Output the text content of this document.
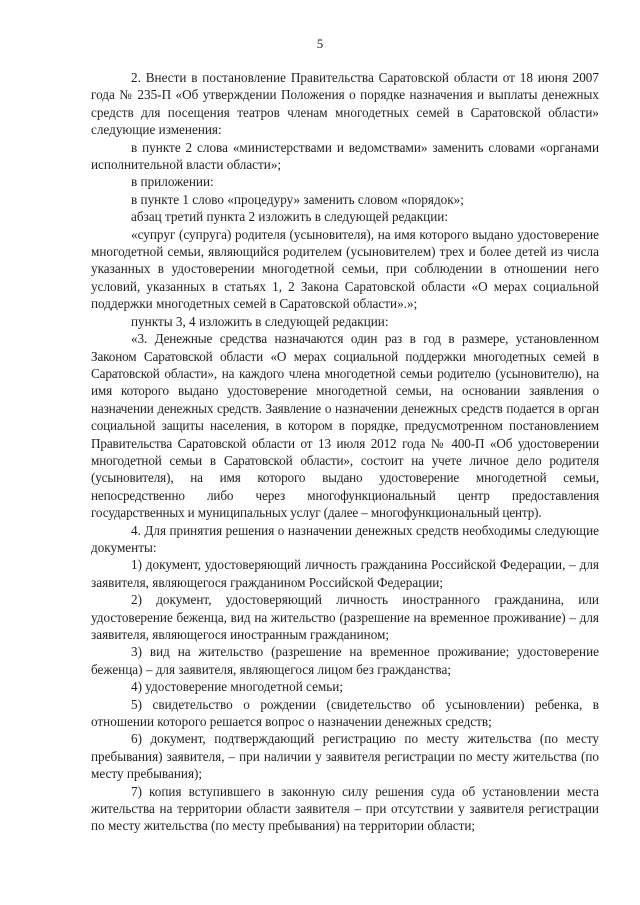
5

2. Внести в постановление Правительства Саратовской области от 18 июня 2007 года № 235-П «Об утверждении Положения о порядке назначения и выплаты денежных средств для посещения театров членам многодетных семей в Саратовской области» следующие изменения:

в пункте 2 слова «министерствами и ведомствами» заменить словами «органами исполнительной власти области»;

в приложении:

в пункте 1 слово «процедуру» заменить словом «порядок»;

абзац третий пункта 2 изложить в следующей редакции:

«супруг (супруга) родителя (усыновителя), на имя которого выдано удостоверение многодетной семьи, являющийся родителем (усыновителем) трех и более детей из числа указанных в удостоверении многодетной семьи, при соблюдении в отношении него условий, указанных в статьях 1, 2 Закона Саратовской области «О мерах социальной поддержки многодетных семей в Саратовской области».»;

пункты 3, 4 изложить в следующей редакции:

«3. Денежные средства назначаются один раз в год в размере, установленном Законом Саратовской области «О мерах социальной поддержки многодетных семей в Саратовской области», на каждого члена многодетной семьи родителю (усыновителю), на имя которого выдано удостоверение многодетной семьи, на основании заявления о назначении денежных средств. Заявление о назначении денежных средств подается в орган социальной защиты населения, в котором в порядке, предусмотренном постановлением Правительства Саратовской области от 13 июля 2012 года № 400-П «Об удостоверении многодетной семьи в Саратовской области», состоит на учете личное дело родителя (усыновителя), на имя которого выдано удостоверение многодетной семьи, непосредственно либо через многофункциональный центр предоставления государственных и муниципальных услуг (далее – многофункциональный центр).

4. Для принятия решения о назначении денежных средств необходимы следующие документы:

1) документ, удостоверяющий личность гражданина Российской Федерации, – для заявителя, являющегося гражданином Российской Федерации;

2) документ, удостоверяющий личность иностранного гражданина, или удостоверение беженца, вид на жительство (разрешение на временное проживание) – для заявителя, являющегося иностранным гражданином;

3) вид на жительство (разрешение на временное проживание; удостоверение беженца) – для заявителя, являющегося лицом без гражданства;

4) удостоверение многодетной семьи;

5) свидетельство о рождении (свидетельство об усыновлении) ребенка, в отношении которого решается вопрос о назначении денежных средств;

6) документ, подтверждающий регистрацию по месту жительства (по месту пребывания) заявителя, – при наличии у заявителя регистрации по месту жительства (по месту пребывания);

7) копия вступившего в законную силу решения суда об установлении места жительства на территории области заявителя – при отсутствии у заявителя регистрации по месту жительства (по месту пребывания) на территории области;
